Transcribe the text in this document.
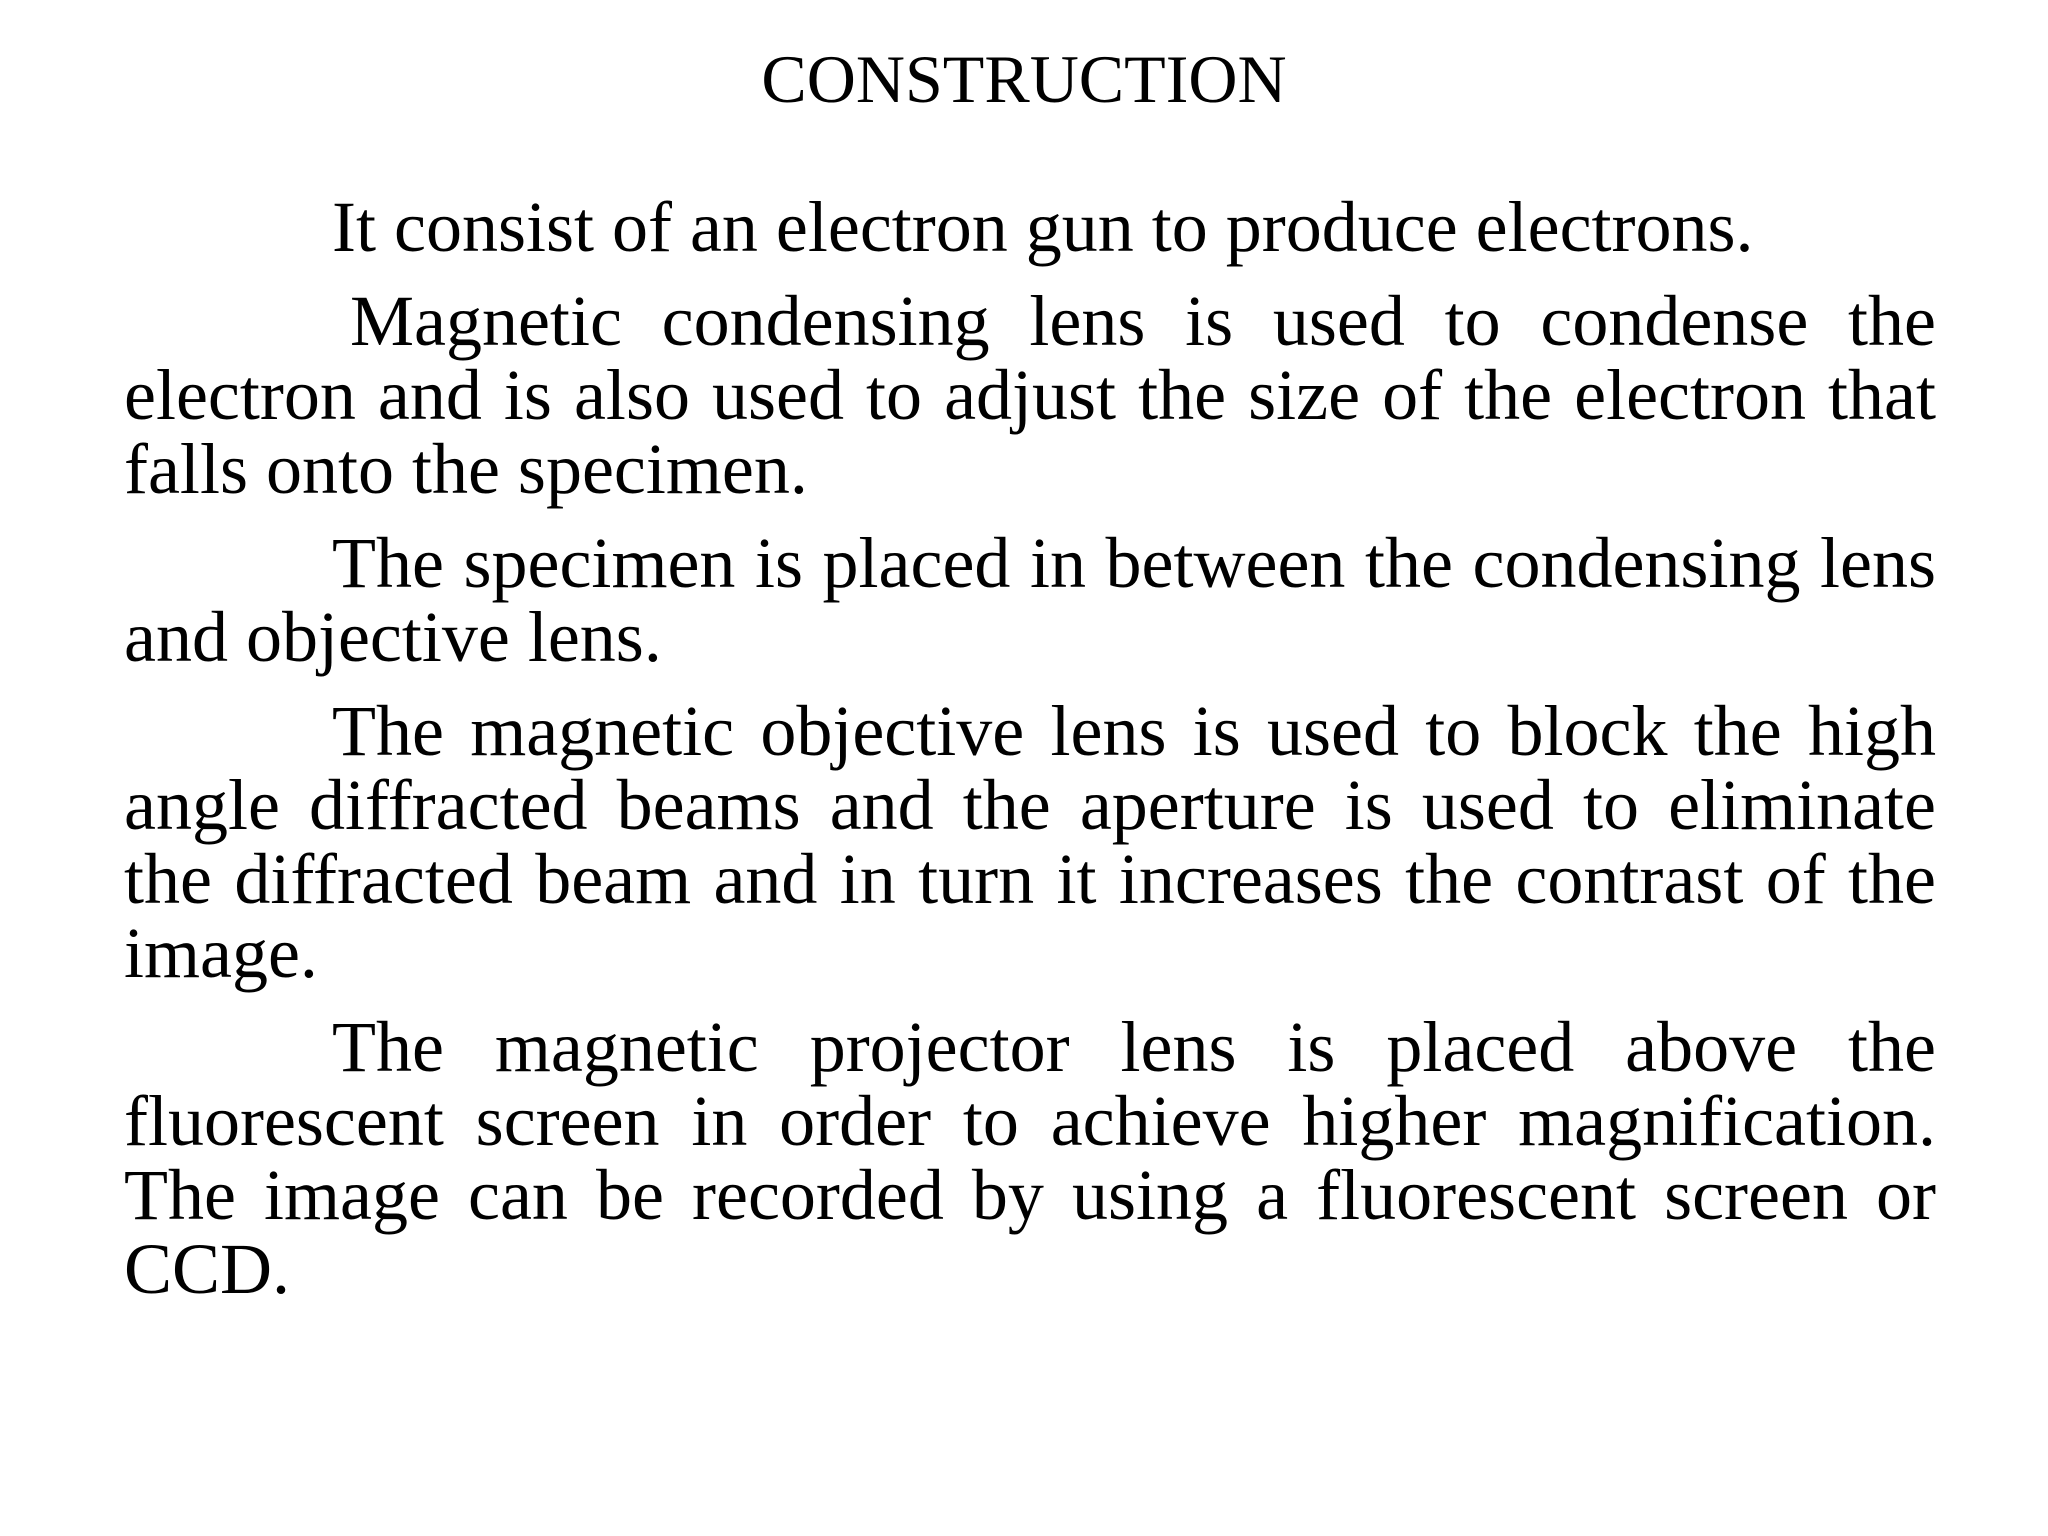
CONSTRUCTION

It consist of an electron gun to produce electrons.

Magnetic condensing lens is used to condense the electron and is also used to adjust the size of the electron that falls onto the specimen.

The specimen is placed in between the condensing lens and objective lens.

The magnetic objective lens is used to block the high angle diffracted beams and the aperture is used to eliminate the diffracted beam and in turn it increases the contrast of the image.

The magnetic projector lens is placed above the fluorescent screen in order to achieve higher magnification. The image can be recorded by using a fluorescent screen or CCD.
